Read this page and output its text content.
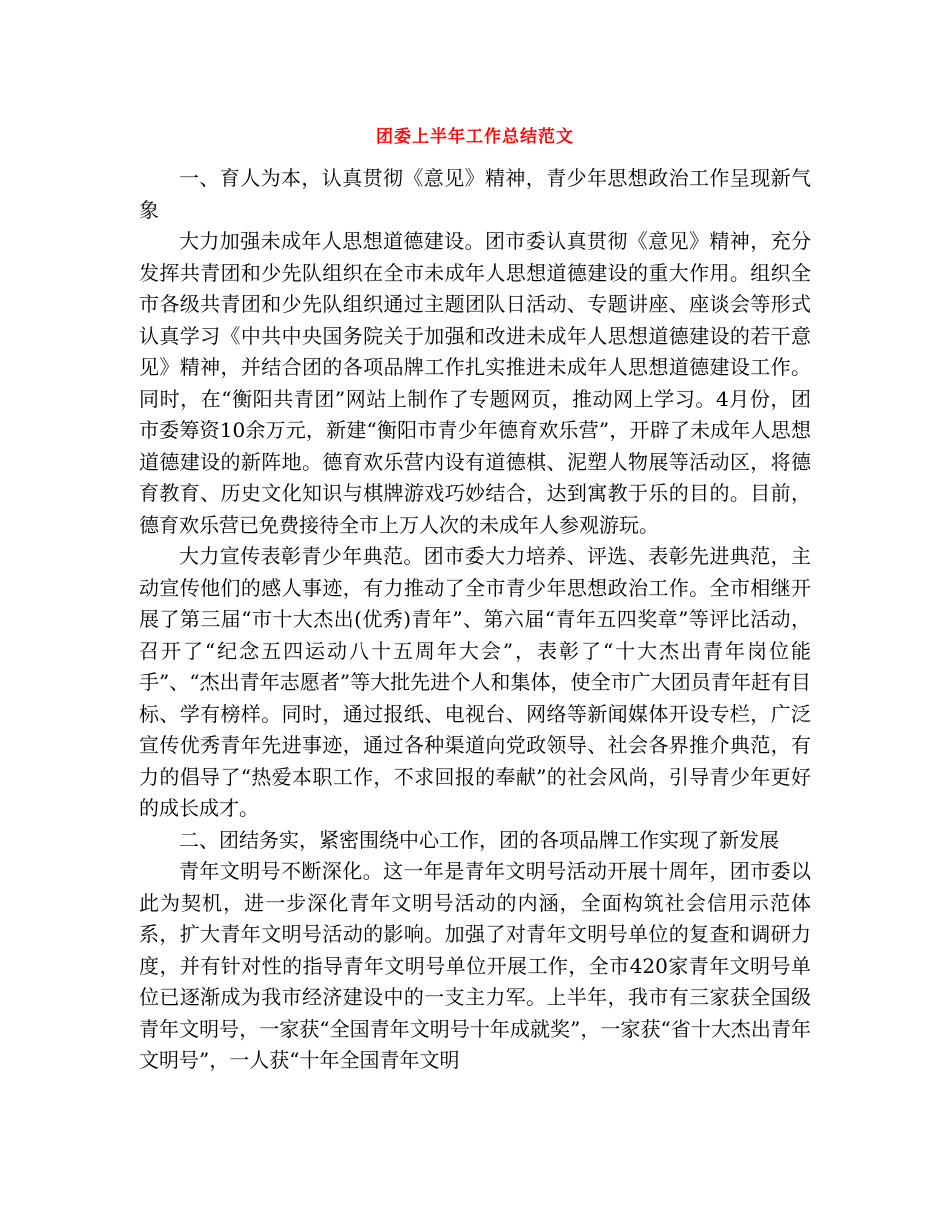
团委上半年工作总结范文

一、育人为本，认真贯彻《意见》精神，青少年思想政治工作呈现新气象

大力加强未成年人思想道德建设。团市委认真贯彻《意见》精神，充分发挥共青团和少先队组织在全市未成年人思想道德建设的重大作用。组织全市各级共青团和少先队组织通过主题团队日活动、专题讲座、座谈会等形式认真学习《中共中央国务院关于加强和改进未成年人思想道德建设的若干意见》精神，并结合团的各项品牌工作扎实推进未成年人思想道德建设工作。同时，在“衡阳共青团”网站上制作了专题网页，推动网上学习。4月份，团市委筹资10余万元，新建“衡阳市青少年德育欢乐营”，开辟了未成年人思想道德建设的新阵地。德育欢乐营内设有道德棋、泥塑人物展等活动区，将德育教育、历史文化知识与棋牌游戏巧妙结合，达到寓教于乐的目的。目前，德育欢乐营已免费接待全市上万人次的未成年人参观游玩。

大力宣传表彰青少年典范。团市委大力培养、评选、表彰先进典范，主动宣传他们的感人事迹，有力推动了全市青少年思想政治工作。全市相继开展了第三届“市十大杰出(优秀)青年”、第六届“青年五四奖章”等评比活动，召开了“纪念五四运动八十五周年大会”，表彰了“十大杰出青年岗位能手”、“杰出青年志愿者”等大批先进个人和集体，使全市广大团员青年赶有目标、学有榜样。同时，通过报纸、电视台、网络等新闻媒体开设专栏，广泛宣传优秀青年先进事迹，通过各种渠道向党政领导、社会各界推介典范，有力的倡导了“热爱本职工作，不求回报的奉献”的社会风尚，引导青少年更好的成长成才。

二、团结务实，紧密围绕中心工作，团的各项品牌工作实现了新发展

青年文明号不断深化。这一年是青年文明号活动开展十周年，团市委以此为契机，进一步深化青年文明号活动的内涵，全面构筑社会信用示范体系，扩大青年文明号活动的影响。加强了对青年文明号单位的复查和调研力度，并有针对性的指导青年文明号单位开展工作，全市420家青年文明号单位已逐渐成为我市经济建设中的一支主力军。上半年，我市有三家获全国级青年文明号，一家获“全国青年文明号十年成就奖”，一家获“省十大杰出青年文明号”，一人获“十年全国青年文明
